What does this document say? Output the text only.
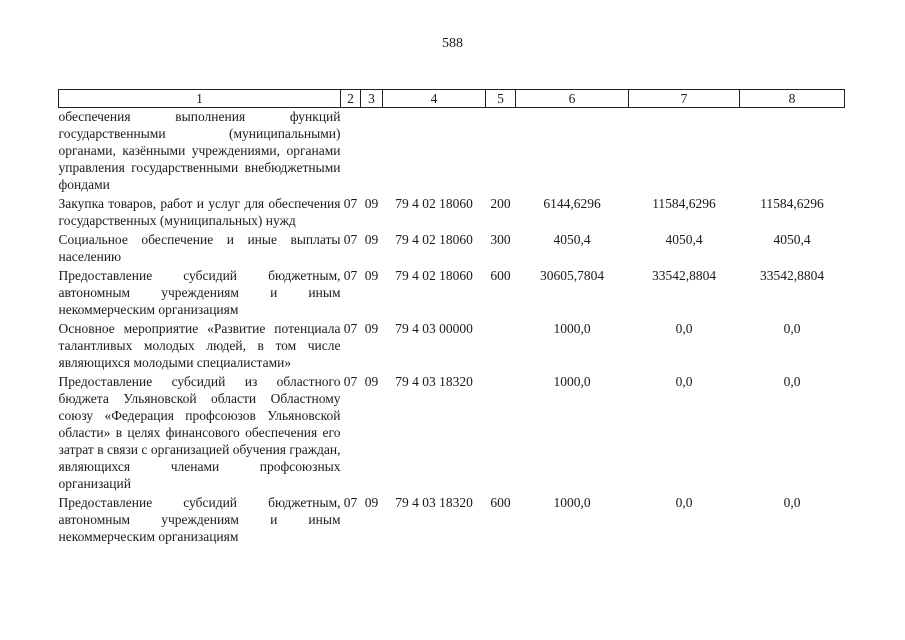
588
1	2	3	4	5	6	7	8
обеспечения выполнения функций государственными (муниципальными) органами, казёнными учреждениями, органами управления государственными внебюджетными фондами							
Закупка товаров, работ и услуг для обеспечения государственных (муниципальных) нужд	07	09	79 4 02 18060	200	6144,6296	11584,6296	11584,6296
Социальное обеспечение и иные выплаты населению	07	09	79 4 02 18060	300	4050,4	4050,4	4050,4
Предоставление субсидий бюджетным, автономным учреждениям и иным некоммерческим организациям	07	09	79 4 02 18060	600	30605,7804	33542,8804	33542,8804
Основное мероприятие «Развитие потенциала талантливых молодых людей, в том числе являющихся молодыми специалистами»	07	09	79 4 03 00000		1000,0	0,0	0,0
Предоставление субсидий из областного бюджета Ульяновской области Областному союзу «Федерация профсоюзов Ульяновской области» в целях финансового обеспечения его затрат в связи с организацией обучения граждан, являющихся членами профсоюзных организаций	07	09	79 4 03 18320		1000,0	0,0	0,0
Предоставление субсидий бюджетным, автономным учреждениям и иным некоммерческим организациям	07	09	79 4 03 18320	600	1000,0	0,0	0,0
